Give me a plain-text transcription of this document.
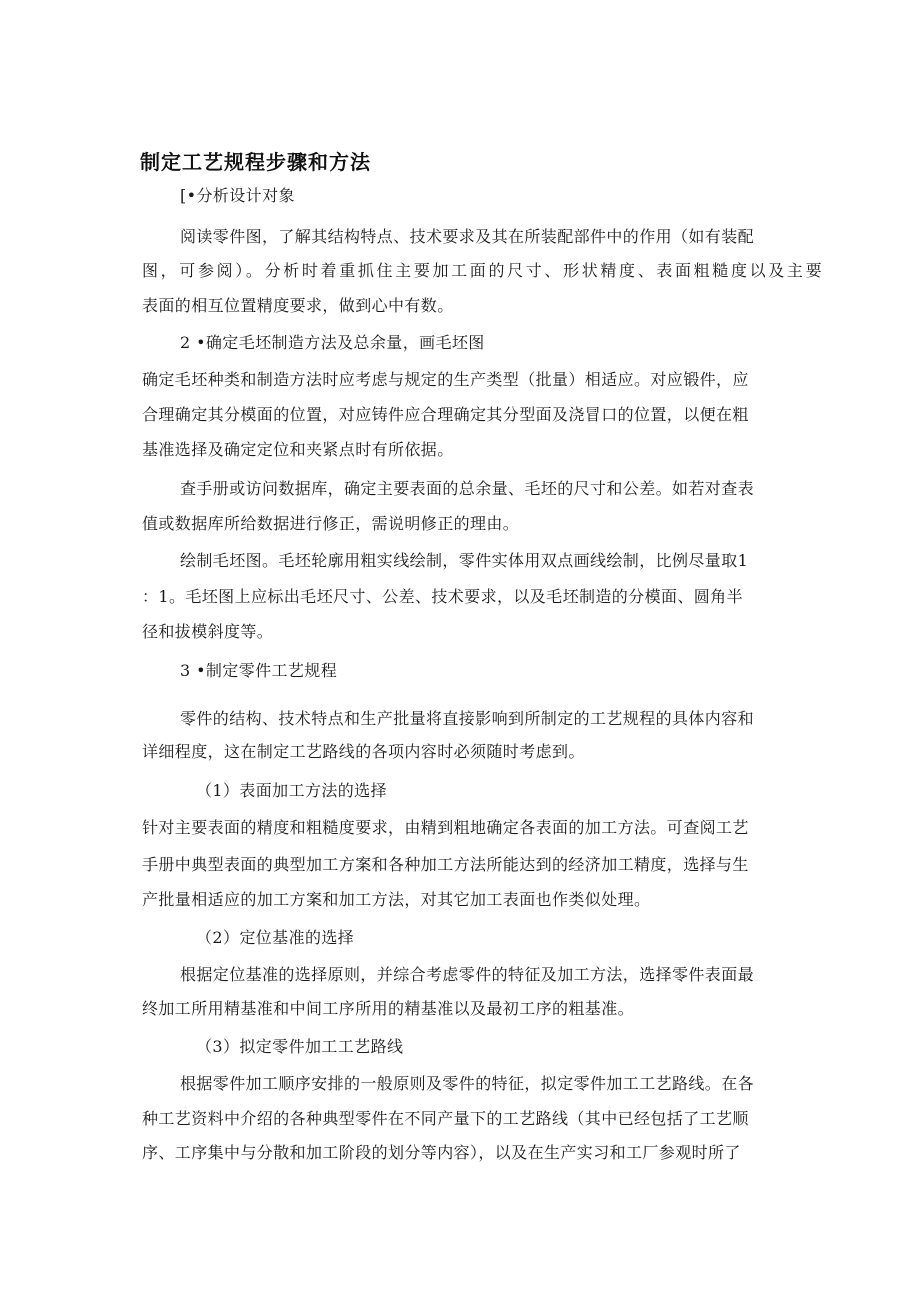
制定工艺规程步骤和方法

[•分析设计对象

阅读零件图，了解其结构特点、技术要求及其在所装配部件中的作用（如有装配

图，可参阅）。分析时着重抓住主要加工面的尺寸、形状精度、表面粗糙度以及主要

表面的相互位置精度要求，做到心中有数。

2 •确定毛坯制造方法及总余量，画毛坯图

确定毛坯种类和制造方法时应考虑与规定的生产类型（批量）相适应。对应锻件，应

合理确定其分模面的位置，对应铸件应合理确定其分型面及浇冒口的位置，以便在粗

基准选择及确定定位和夹紧点时有所依据。

查手册或访问数据库，确定主要表面的总余量、毛坯的尺寸和公差。如若对查表

值或数据库所给数据进行修正，需说明修正的理由。

绘制毛坯图。毛坯轮廓用粗实线绘制，零件实体用双点画线绘制，比例尽量取1

：1。毛坯图上应标出毛坯尺寸、公差、技术要求，以及毛坯制造的分模面、圆角半

径和拔模斜度等。

3 •制定零件工艺规程

零件的结构、技术特点和生产批量将直接影响到所制定的工艺规程的具体内容和

详细程度，这在制定工艺路线的各项内容时必须随时考虑到。

（1）表面加工方法的选择

针对主要表面的精度和粗糙度要求，由精到粗地确定各表面的加工方法。可查阅工艺

手册中典型表面的典型加工方案和各种加工方法所能达到的经济加工精度，选择与生

产批量相适应的加工方案和加工方法，对其它加工表面也作类似处理。

（2）定位基准的选择

根据定位基准的选择原则，并综合考虑零件的特征及加工方法，选择零件表面最

终加工所用精基准和中间工序所用的精基准以及最初工序的粗基准。

（3）拟定零件加工工艺路线

根据零件加工顺序安排的一般原则及零件的特征，拟定零件加工工艺路线。在各

种工艺资料中介绍的各种典型零件在不同产量下的工艺路线（其中已经包括了工艺顺

序、工序集中与分散和加工阶段的划分等内容），以及在生产实习和工厂参观时所了
